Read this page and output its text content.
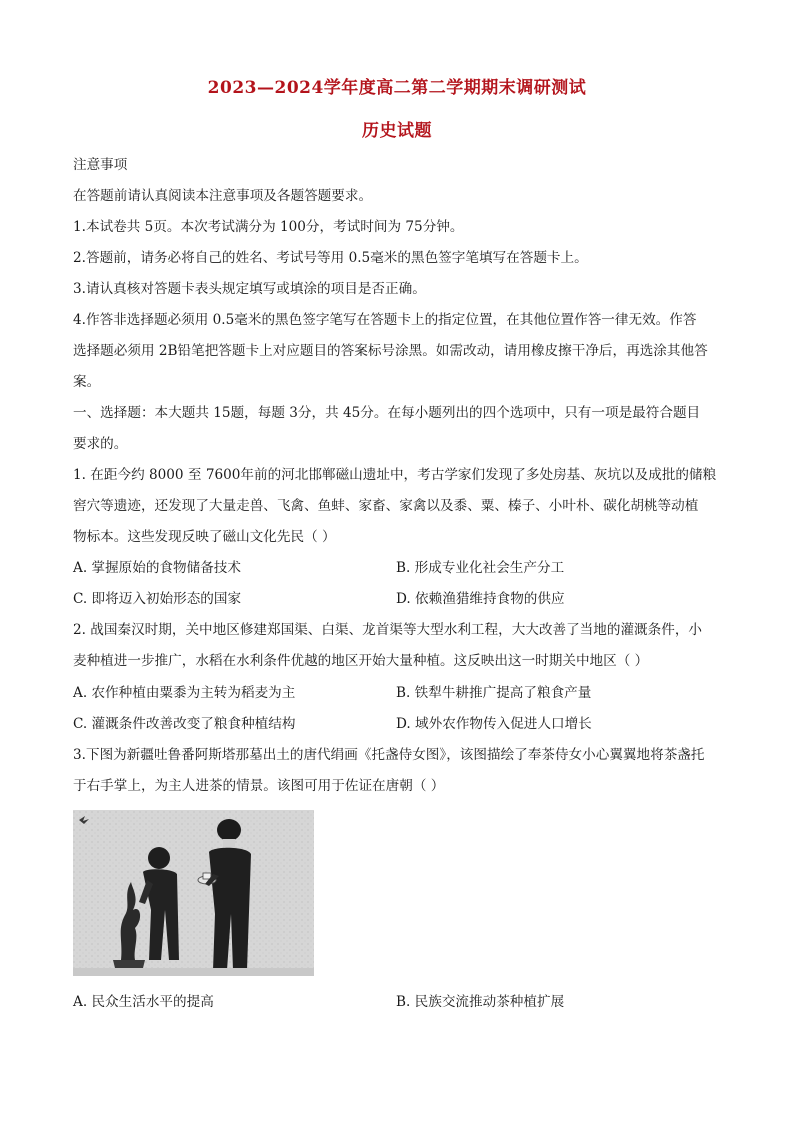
2023—2024学年度高二第二学期期末调研测试
历史试题
注意事项
在答题前请认真阅读本注意事项及各题答题要求。
1.本试卷共 5页。本次考试满分为 100分，考试时间为 75分钟。
2.答题前，请务必将自己的姓名、考试号等用 0.5毫米的黑色签字笔填写在答题卡上。
3.请认真核对答题卡表头规定填写或填涂的项目是否正确。
4.作答非选择题必须用 0.5毫米的黑色签字笔写在答题卡上的指定位置，在其他位置作答一律无效。作答
选择题必须用 2B铅笔把答题卡上对应题目的答案标号涂黑。如需改动，请用橡皮擦干净后，再选涂其他答
案。
一、选择题：本大题共 15题，每题 3分，共 45分。在每小题列出的四个选项中，只有一项是最符合题目
要求的。
1. 在距今约 8000 至 7600年前的河北邯郸磁山遗址中，考古学家们发现了多处房基、灰坑以及成批的储粮
窖穴等遗迹，还发现了大量走兽、飞禽、鱼蚌、家畜、家禽以及黍、粟、榛子、小叶朴、碳化胡桃等动植
物标本。这些发现反映了磁山文化先民（ ）
A. 掌握原始的食物储备技术	B. 形成专业化社会生产分工
C. 即将迈入初始形态的国家	D. 依赖渔猎维持食物的供应
2. 战国秦汉时期，关中地区修建郑国渠、白渠、龙首渠等大型水利工程，大大改善了当地的灌溉条件，小
麦种植进一步推广，水稻在水利条件优越的地区开始大量种植。这反映出这一时期关中地区（ ）
A. 农作种植由粟黍为主转为稻麦为主	B. 铁犁牛耕推广提高了粮食产量
C. 灌溉条件改善改变了粮食种植结构	D. 域外农作物传入促进人口增长
3.下图为新疆吐鲁番阿斯塔那墓出土的唐代绢画《托盏侍女图》，该图描绘了奉茶侍女小心翼翼地将茶盏托
于右手掌上，为主人进茶的情景。该图可用于佐证在唐朝（ ）
A. 民众生活水平的提高	B. 民族交流推动茶种植扩展
